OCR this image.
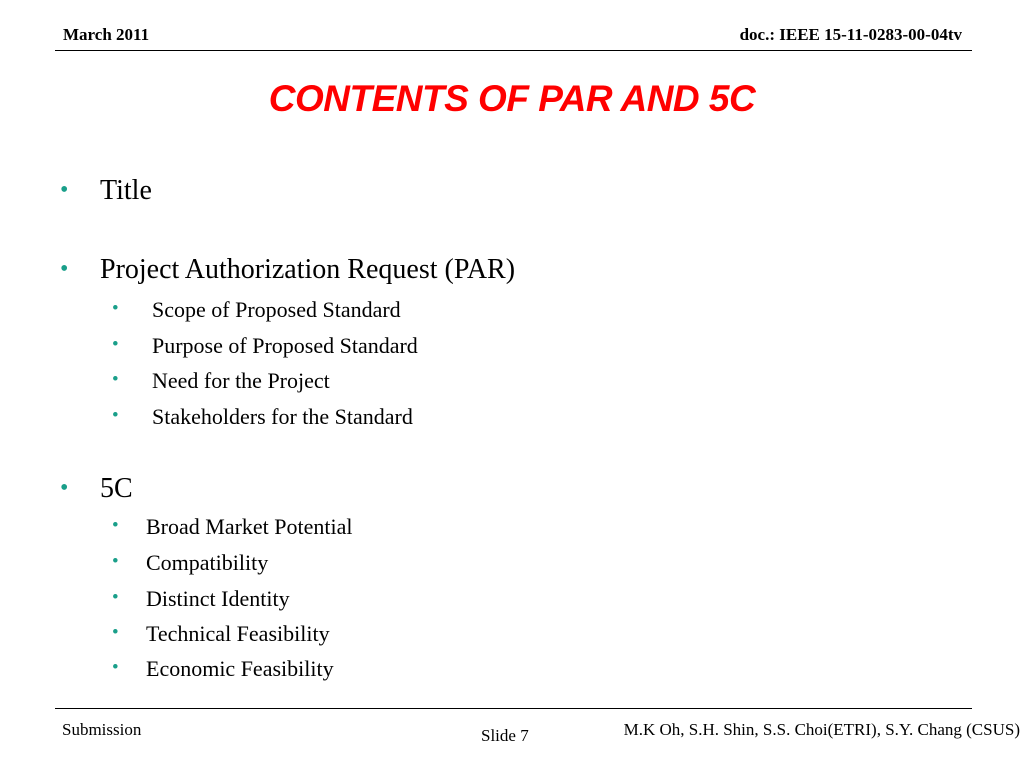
March 2011	doc.: IEEE 15-11-0283-00-04tv
CONTENTS OF PAR AND 5C
• Title
• Project Authorization Request (PAR)
• Scope of Proposed Standard
• Purpose of Proposed Standard
• Need for the Project
• Stakeholders for the Standard
• 5C
• Broad Market Potential
• Compatibility
• Distinct Identity
• Technical Feasibility
• Economic Feasibility
Submission	Slide 7	M.K Oh, S.H. Shin, S.S. Choi(ETRI), S.Y. Chang (CSUS)
